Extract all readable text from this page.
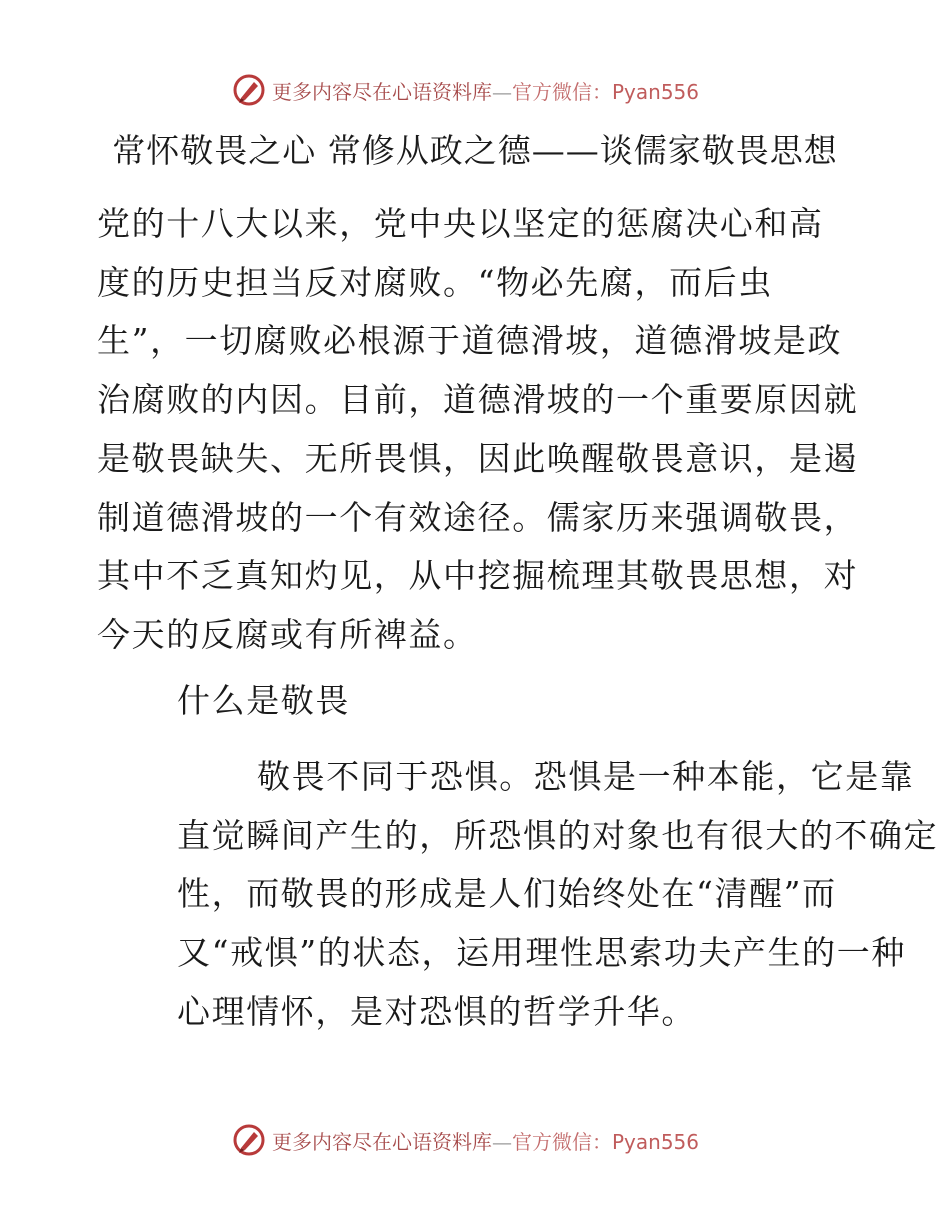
更多内容尽在心语资料库—官方微信：Pyan556
常怀敬畏之心 常修从政之德——谈儒家敬畏思想
党的十八大以来，党中央以坚定的惩腐决心和高
度的历史担当反对腐败。“物必先腐，而后虫
生”，一切腐败必根源于道德滑坡，道德滑坡是政
治腐败的内因。目前，道德滑坡的一个重要原因就
是敬畏缺失、无所畏惧，因此唤醒敬畏意识，是遏
制道德滑坡的一个有效途径。儒家历来强调敬畏，
其中不乏真知灼见，从中挖掘梳理其敬畏思想，对
今天的反腐或有所裨益。
什么是敬畏
敬畏不同于恐惧。恐惧是一种本能，它是靠
直觉瞬间产生的，所恐惧的对象也有很大的不确定
性，而敬畏的形成是人们始终处在“清醒”而
又“戒惧”的状态，运用理性思索功夫产生的一种
心理情怀，是对恐惧的哲学升华。
更多内容尽在心语资料库—官方微信：Pyan556
